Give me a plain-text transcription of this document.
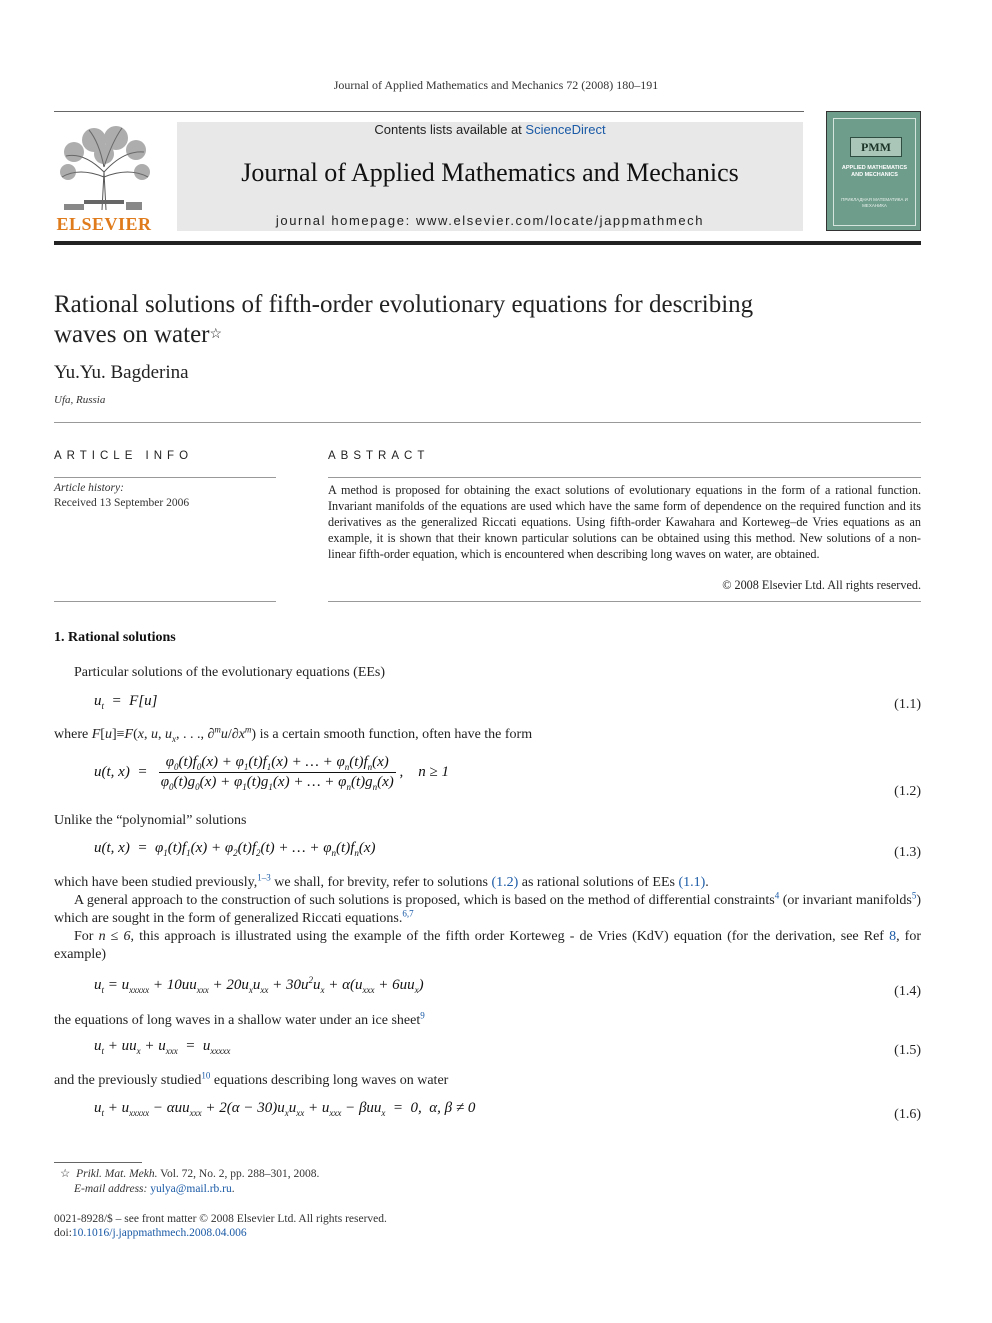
Journal of Applied Mathematics and Mechanics 72 (2008) 180–191
ELSEVIER
Contents lists available at ScienceDirect
Journal of Applied Mathematics and Mechanics
journal homepage: www.elsevier.com/locate/jappmathmech
PMM
APPLIED MATHEMATICS AND MECHANICS
ПРИКЛАДНАЯ МАТЕМАТИКА И МЕХАНИКА
Rational solutions of fifth-order evolutionary equations for describing waves on water☆
Yu.Yu. Bagderina
Ufa, Russia
ARTICLE INFO
Article history:
Received 13 September 2006
ABSTRACT
A method is proposed for obtaining the exact solutions of evolutionary equations in the form of a rational function. Invariant manifolds of the equations are used which have the same form of dependence on the required function and its derivatives as the generalized Riccati equations. Using fifth-order Kawahara and Korteweg–de Vries equations as an example, it is shown that their known particular solutions can be obtained using this method. New solutions of a non-linear fifth-order equation, which is encountered when describing long waves on water, are obtained.
© 2008 Elsevier Ltd. All rights reserved.
1. Rational solutions
Particular solutions of the evolutionary equations (EEs)
$u_t = F[u]$	(1.1)
where F[u]≡F(x, u, $u_x$, . . ., $\partial^mu/\partial x^m$) is a certain smooth function, often have the form
u(t, $x) = \frac{\varphi_0(t)f_0(x) + \varphi_1(t)f_1(x) + \dots + \varphi_n(t)f_n(x)}{\varphi_0(t)g_0(x) + \varphi_1(t)g_1(x) + \dots + \varphi_n(t)g_n(x)}$ ,    n ≥ 1
(1.2)
Unlike the “polynomial” solutions
u(t, $x) = \varphi_1(t)f_1(x) + \varphi_2(t)f_2(t)$ + … + $\varphi_n(t)f_n(x)$	(1.3)
which have been studied previously,$^{1-3}$ we shall, for brevity, refer to solutions (1.2) as rational solutions of EEs (1.1).
A general approach to the construction of such solutions is proposed, which is based on the method of differential constraints$^4$ (or invariant manifolds$^5$) which are sought in the form of generalized Riccati equations.$^{6,7}$
For n ≤ 6, this approach is illustrated using the example of the fifth order Korteweg - de Vries (KdV) equation (for the derivation, see Ref 8, for example)
$u_t = u_{xxxxx} + 10uu_{xxx} + 20u_xu_{xx} + 30u^2u_x + \alpha(u_{xxx} + 6uu_x)$	(1.4)
the equations of long waves in a shallow water under an ice sheet$^9$
$u_t + uu_x + u_{xxx} = u_{xxxxx}$	(1.5)
and the previously studied$^{10}$ equations describing long waves on water
$u_t + u_{xxxxx} - \alpha uu_{xxx} + 2(\alpha - 30)u_xu_{xx} + u_{xxx} - \beta uu_x = 0$,  α, β ≠ 0	(1.6)
☆ Prikl. Mat. Mekh. Vol. 72, No. 2, pp. 288–301, 2008.
E-mail address: yulya@mail.rb.ru.
0021-8928/$ – see front matter © 2008 Elsevier Ltd. All rights reserved.
doi:10.1016/j.jappmathmech.2008.04.006
